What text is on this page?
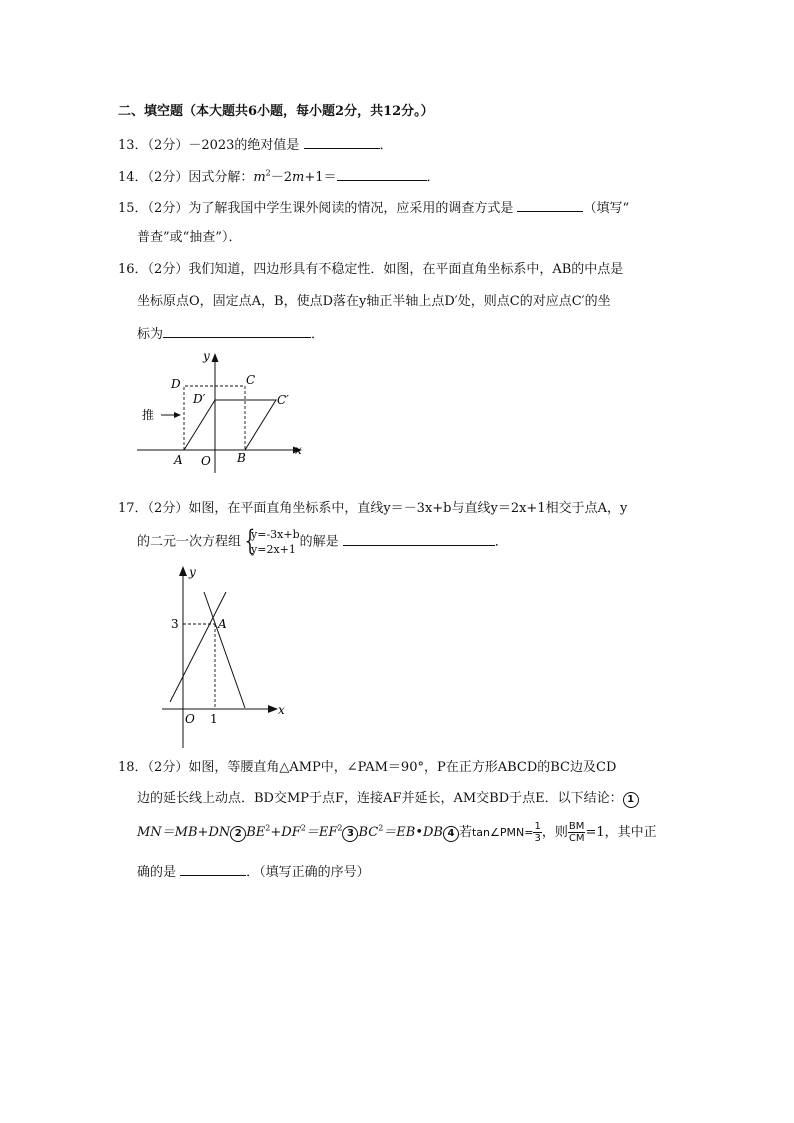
二、填空题（本大题共6小题，每小题2分，共12分。）
13．（2分）－2023的绝对值是	．
14．（2分）因式分解：$m^2-2m+1=$	．
15．（2分）为了解我国中学生课外阅读的情况，应采用的调查方式是	（填写“
普查”或“抽查”）．
16．（2分）我们知道，四边形具有不稳定性．如图，在平面直角坐标系中，AB的中点是
坐标原点O，固定点A，B，使点D落在y轴正半轴上点D′处，则点C的对应点C′的坐
标为	．
y
x
D	C
D′	C′
A O B
推
17．（2分）如图，在平面直角坐标系中，直线y＝－3x+b与直线y＝2x+1相交于点A，y
的二元一次方程组 {
y=-3x+b
y=2x+1 的解是	．
y
x
A
O
3
1
18．（2分）如图，等腰直角△AMP中，∠PAM＝90°，P在正方形ABCD的BC边及CD
边的延长线上动点．BD交MP于点F，连接AF并延长，AM交BD于点E．以下结论： 1
MN＝MB+DN 2 $BE^2+DF^2=EF^2$ 3 $BC^2=EB•DB$ 4 若tan∠PMN= $\frac{1}{3}$ ，则 $\frac{BM}{CM} =1$，其中正
确的是	．（填写正确的序号）
